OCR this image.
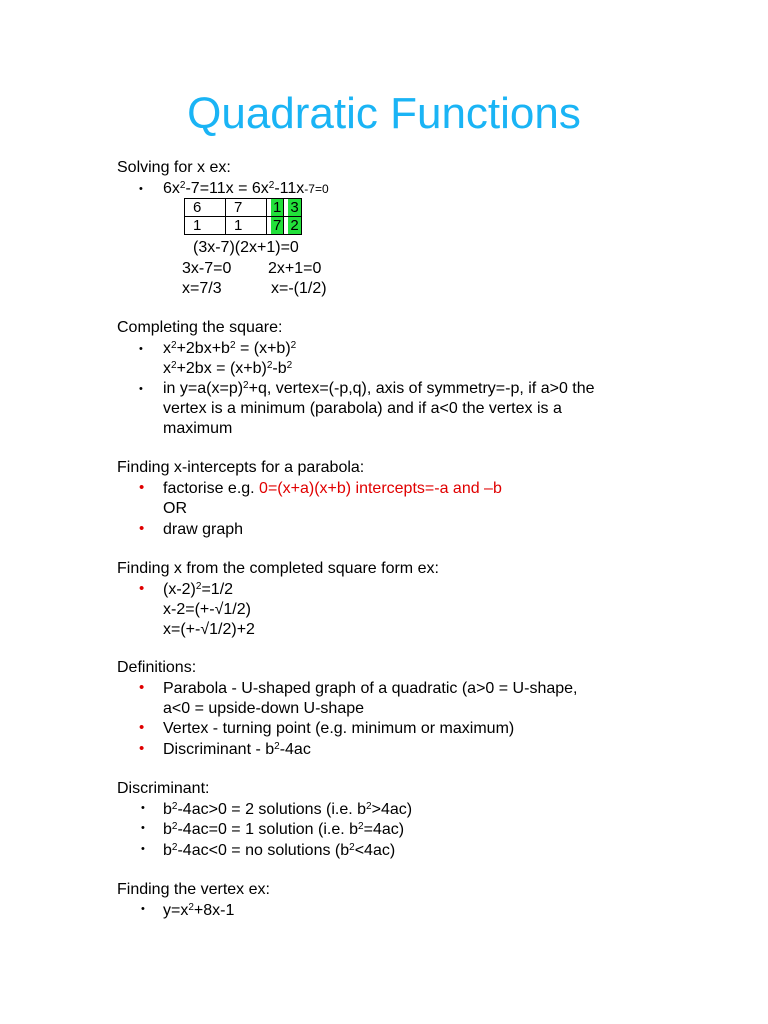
Quadratic Functions
Solving for x ex:
• $6x^2-7=11x = 6x^2-11x-7=0$
6	7	1	3
1	1	7	2
(3x-7)(2x+1)=0
3x-7=0 2x+1=0
x=7/3	x=-(1/2)
Completing the square:
• $x^2+2bx+b^2 = (x+b)^2$
$x^2+2bx = (x+b)^2-b^2$
• in y=a(x=p)$^2$+q, vertex=(-p,q), axis of symmetry=-p, if a>0 the
vertex is a minimum (parabola) and if a<0 the vertex is a
maximum
Finding x-intercepts for a parabola:
• factorise e.g. 0=(x+a)(x+b) intercepts=-a and –b
OR
• draw graph
Finding x from the completed square form ex:
• $(x-2)^2=1/2$
x-2=(+-√1/2)
x=(+-√1/2)+2
Definitions:
• Parabola - U-shaped graph of a quadratic (a>0 = U-shape,
a<0 = upside-down U-shape
• Vertex - turning point (e.g. minimum or maximum)
• Discriminant - $b^2-4ac$
Discriminant:
• $b^2-4ac>0 = 2$ solutions (i.e. $b^2>4ac$)
• $b^2-4ac=0 = 1$ solution (i.e. $b^2=4ac$)
• $b^2-4ac<0$ = no solutions $(b^2<4ac)$
Finding the vertex ex:
• $y=x^2+8x-1$
